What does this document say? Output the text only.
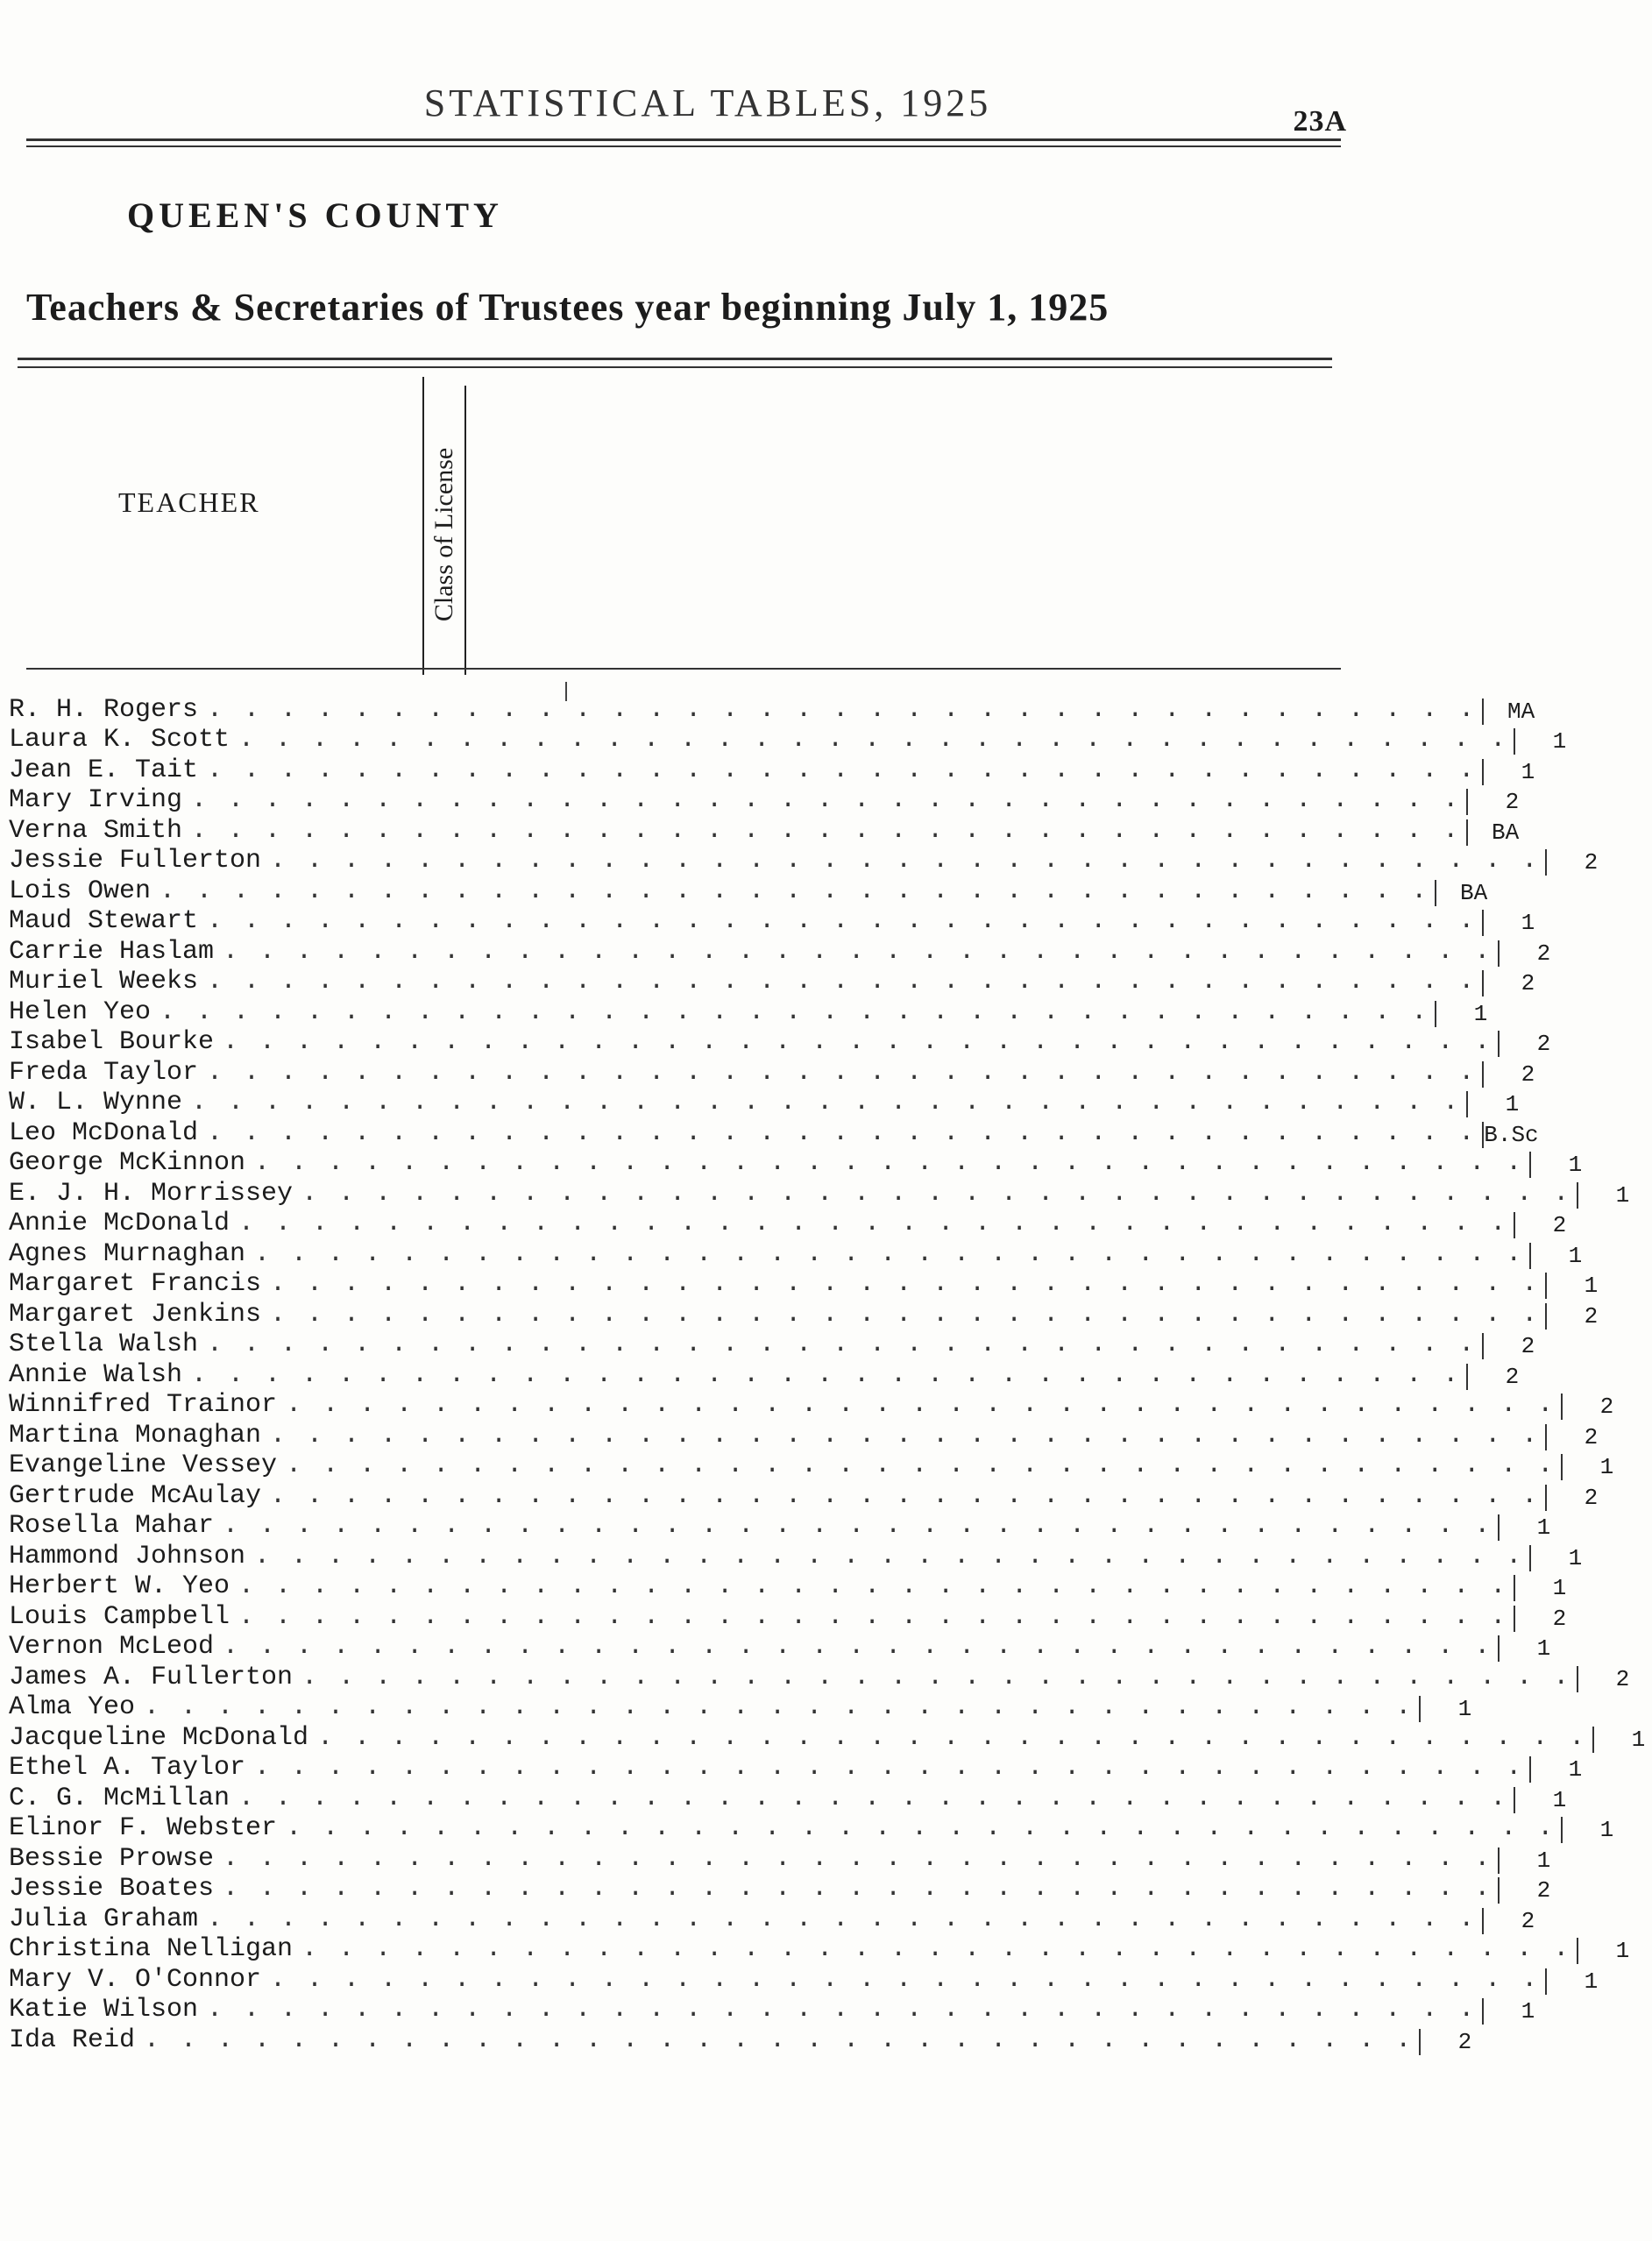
STATISTICAL TABLES, 1925	23A
QUEEN'S COUNTY
Teachers & Secretaries of Trustees year beginning July 1, 1925
TEACHER	Class of License
R. H. Rogers . . . . . . . . . . . . . . . . . . . . . . . . . . . . . . . . . . .	MA
Laura K. Scott . . . . . . . . . . . . . . . . . . . . . . . . . . . . . . . . . . .	1
Jean E. Tait . . . . . . . . . . . . . . . . . . . . . . . . . . . . . . . . . . .	1
Mary Irving . . . . . . . . . . . . . . . . . . . . . . . . . . . . . . . . . . .	2
Verna Smith . . . . . . . . . . . . . . . . . . . . . . . . . . . . . . . . . . .	BA
Jessie Fullerton . . . . . . . . . . . . . . . . . . . . . . . . . . . . . . . . . . .	2
Lois Owen . . . . . . . . . . . . . . . . . . . . . . . . . . . . . . . . . . .	BA
Maud Stewart . . . . . . . . . . . . . . . . . . . . . . . . . . . . . . . . . . .	1
Carrie Haslam . . . . . . . . . . . . . . . . . . . . . . . . . . . . . . . . . . .	2
Muriel Weeks . . . . . . . . . . . . . . . . . . . . . . . . . . . . . . . . . . .	2
Helen Yeo . . . . . . . . . . . . . . . . . . . . . . . . . . . . . . . . . . .	1
Isabel Bourke . . . . . . . . . . . . . . . . . . . . . . . . . . . . . . . . . . .	2
Freda Taylor . . . . . . . . . . . . . . . . . . . . . . . . . . . . . . . . . . .	2
W. L. Wynne . . . . . . . . . . . . . . . . . . . . . . . . . . . . . . . . . . .	1
Leo McDonald . . . . . . . . . . . . . . . . . . . . . . . . . . . . . . . . . . . B.Sc
George McKinnon . . . . . . . . . . . . . . . . . . . . . . . . . . . . . . . . . . .	1
E. J. H. Morrissey . . . . . . . . . . . . . . . . . . . . . . . . . . . . . . . . . . .	1
Annie McDonald . . . . . . . . . . . . . . . . . . . . . . . . . . . . . . . . . . .	2
Agnes Murnaghan . . . . . . . . . . . . . . . . . . . . . . . . . . . . . . . . . . .	1
Margaret Francis . . . . . . . . . . . . . . . . . . . . . . . . . . . . . . . . . . .	1
Margaret Jenkins . . . . . . . . . . . . . . . . . . . . . . . . . . . . . . . . . . .	2
Stella Walsh . . . . . . . . . . . . . . . . . . . . . . . . . . . . . . . . . . .	2
Annie Walsh . . . . . . . . . . . . . . . . . . . . . . . . . . . . . . . . . . .	2
Winnifred Trainor . . . . . . . . . . . . . . . . . . . . . . . . . . . . . . . . . . .	2
Martina Monaghan . . . . . . . . . . . . . . . . . . . . . . . . . . . . . . . . . . .	2
Evangeline Vessey . . . . . . . . . . . . . . . . . . . . . . . . . . . . . . . . . . .	1
Gertrude McAulay . . . . . . . . . . . . . . . . . . . . . . . . . . . . . . . . . . .	2
Rosella Mahar . . . . . . . . . . . . . . . . . . . . . . . . . . . . . . . . . . .	1
Hammond Johnson . . . . . . . . . . . . . . . . . . . . . . . . . . . . . . . . . . .	1
Herbert W. Yeo . . . . . . . . . . . . . . . . . . . . . . . . . . . . . . . . . . .	1
Louis Campbell . . . . . . . . . . . . . . . . . . . . . . . . . . . . . . . . . . .	2
Vernon McLeod . . . . . . . . . . . . . . . . . . . . . . . . . . . . . . . . . . .	1
James A. Fullerton . . . . . . . . . . . . . . . . . . . . . . . . . . . . . . . . . . .	2
Alma Yeo . . . . . . . . . . . . . . . . . . . . . . . . . . . . . . . . . . .	1
Jacqueline McDonald . . . . . . . . . . . . . . . . . . . . . . . . . . . . . . . . . . .	1
Ethel A. Taylor . . . . . . . . . . . . . . . . . . . . . . . . . . . . . . . . . . .	1
C. G. McMillan . . . . . . . . . . . . . . . . . . . . . . . . . . . . . . . . . . .	1
Elinor F. Webster . . . . . . . . . . . . . . . . . . . . . . . . . . . . . . . . . . .	1
Bessie Prowse . . . . . . . . . . . . . . . . . . . . . . . . . . . . . . . . . . .	1
Jessie Boates . . . . . . . . . . . . . . . . . . . . . . . . . . . . . . . . . . .	2
Julia Graham . . . . . . . . . . . . . . . . . . . . . . . . . . . . . . . . . . .	2
Christina Nelligan . . . . . . . . . . . . . . . . . . . . . . . . . . . . . . . . . . .	1
Mary V. O'Connor . . . . . . . . . . . . . . . . . . . . . . . . . . . . . . . . . . .	1
Katie Wilson . . . . . . . . . . . . . . . . . . . . . . . . . . . . . . . . . . .	1
Ida Reid . . . . . . . . . . . . . . . . . . . . . . . . . . . . . . . . . . .	2
